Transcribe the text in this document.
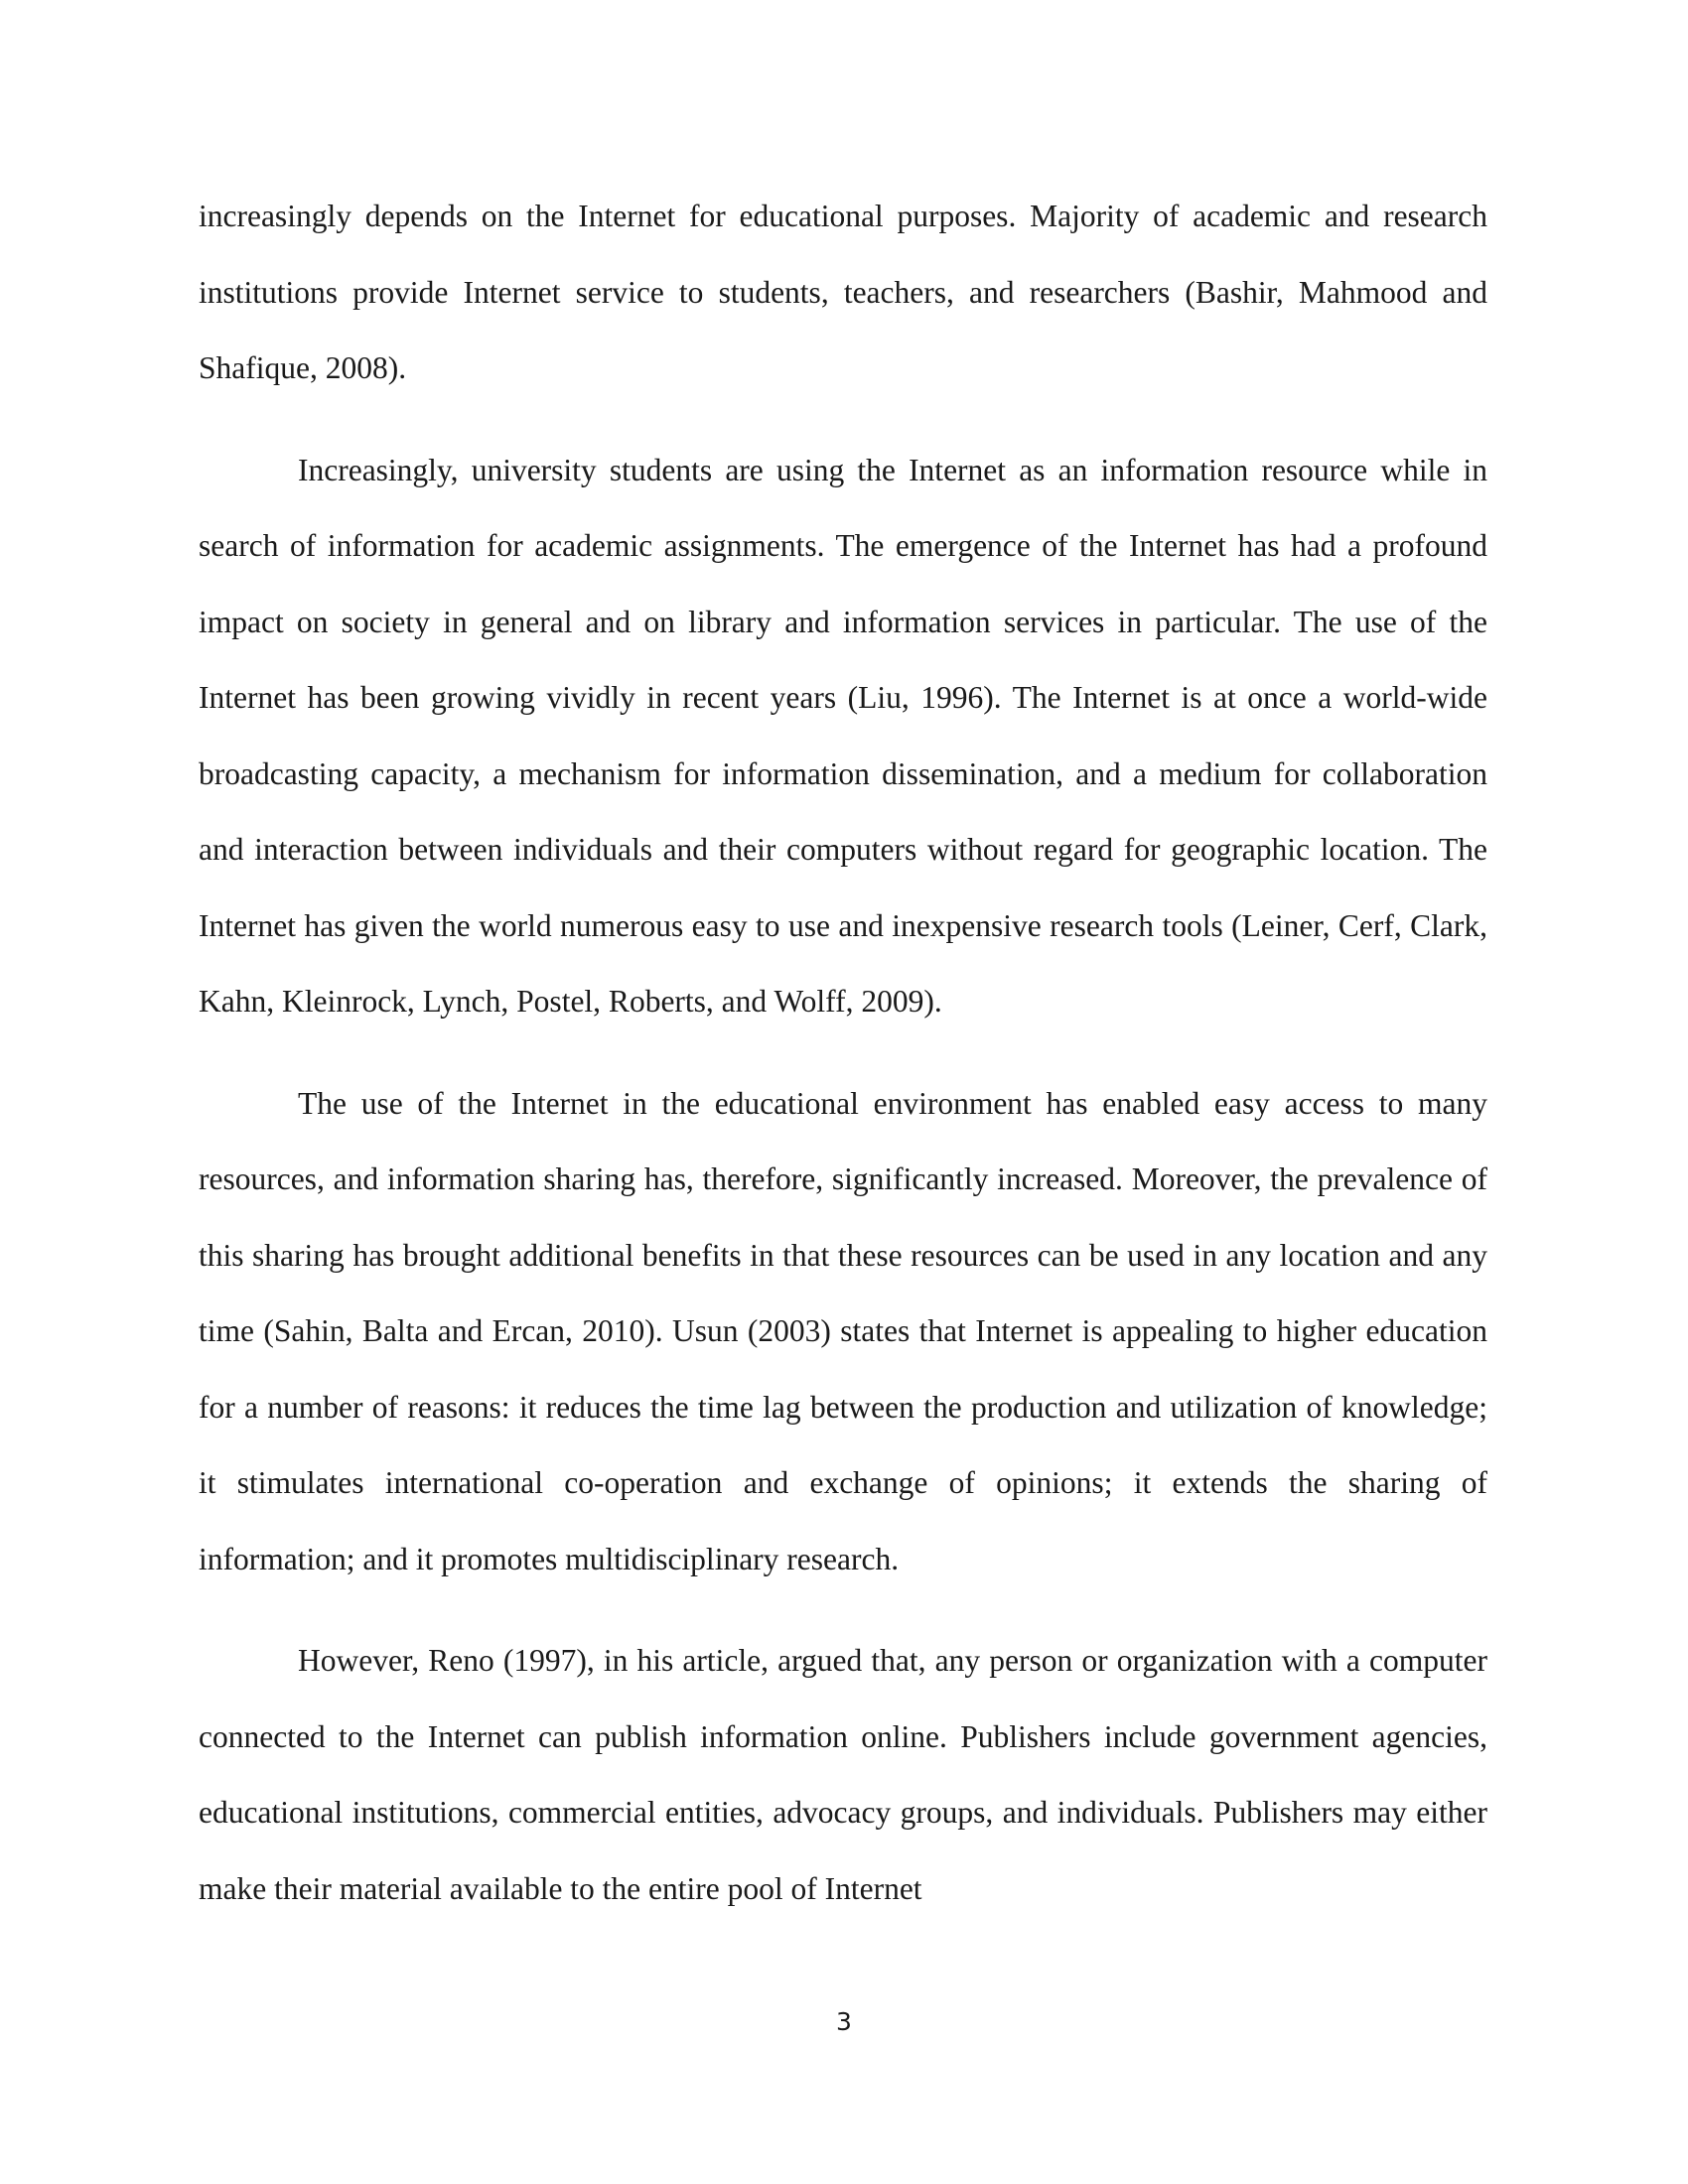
increasingly depends on the Internet for educational purposes. Majority of academic and research institutions provide Internet service to students, teachers, and researchers (Bashir, Mahmood and Shafique, 2008).

Increasingly, university students are using the Internet as an information resource while in search of information for academic assignments. The emergence of the Internet has had a profound impact on society in general and on library and information services in particular. The use of the Internet has been growing vividly in recent years (Liu, 1996). The Internet is at once a world-wide broadcasting capacity, a mechanism for information dissemination, and a medium for collaboration and interaction between individuals and their computers without regard for geographic location. The Internet has given the world numerous easy to use and inexpensive research tools (Leiner, Cerf, Clark, Kahn, Kleinrock, Lynch, Postel, Roberts, and Wolff, 2009).

The use of the Internet in the educational environment has enabled easy access to many resources, and information sharing has, therefore, significantly increased. Moreover, the prevalence of this sharing has brought additional benefits in that these resources can be used in any location and any time (Sahin, Balta and Ercan, 2010). Usun (2003) states that Internet is appealing to higher education for a number of reasons: it reduces the time lag between the production and utilization of knowledge; it stimulates international co-operation and exchange of opinions; it extends the sharing of information; and it promotes multidisciplinary research.

However, Reno (1997), in his article, argued that, any person or organization with a computer connected to the Internet can publish information online. Publishers include government agencies, educational institutions, commercial entities, advocacy groups, and individuals. Publishers may either make their material available to the entire pool of Internet

3
